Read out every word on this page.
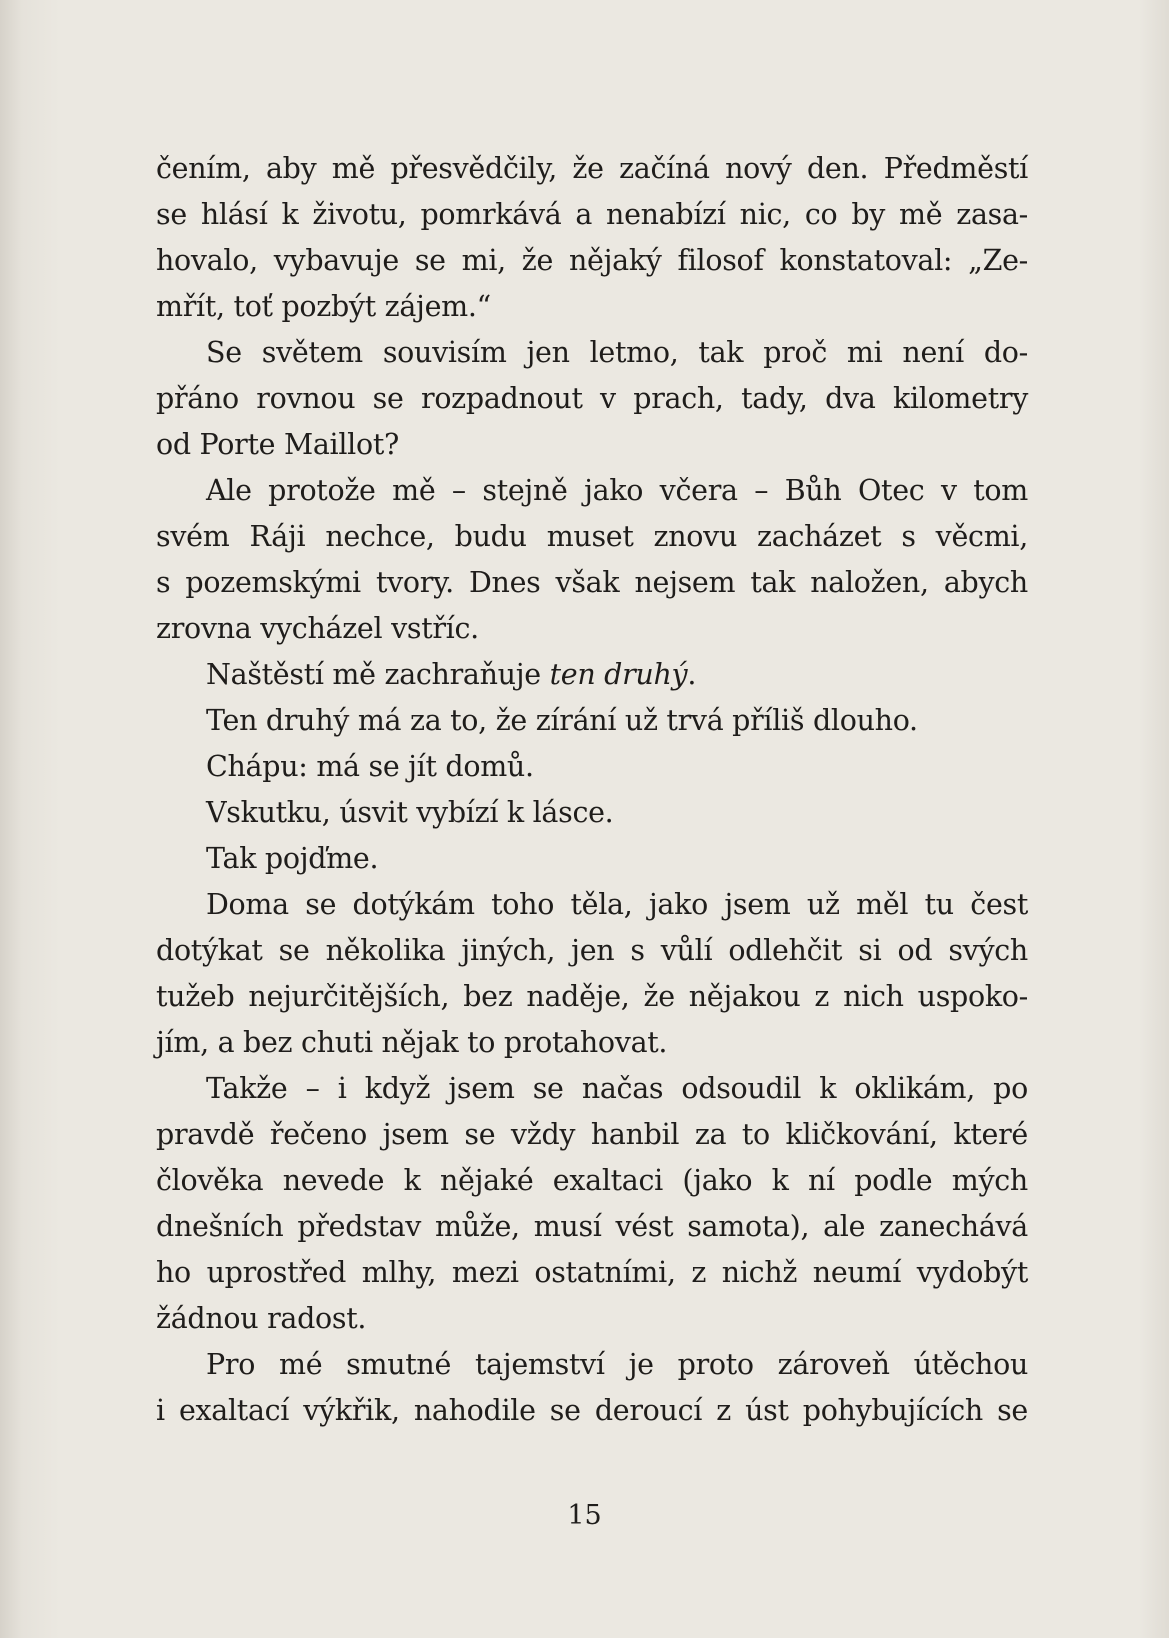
čením, aby mě přesvědčily, že začíná nový den. Předměstí
se hlásí k životu, pomrkává a nenabízí nic, co by mě zasa-
hovalo, vybavuje se mi, že nějaký filosof konstatoval: „Ze-
mřít, toť pozbýt zájem.“
Se světem souvisím jen letmo, tak proč mi není do-
přáno rovnou se rozpadnout v prach, tady, dva kilometry
od Porte Maillot?
Ale protože mě – stejně jako včera – Bůh Otec v tom
svém Ráji nechce, budu muset znovu zacházet s věcmi,
s pozemskými tvory. Dnes však nejsem tak naložen, abych
zrovna vycházel vstříc.
Naštěstí mě zachraňuje ten druhý.
Ten druhý má za to, že zírání už trvá příliš dlouho.
Chápu: má se jít domů.
Vskutku, úsvit vybízí k lásce.
Tak pojďme.
Doma se dotýkám toho těla, jako jsem už měl tu čest
dotýkat se několika jiných, jen s vůlí odlehčit si od svých
tužeb nejurčitějších, bez naděje, že nějakou z nich uspoko-
jím, a bez chuti nějak to protahovat.
Takže – i když jsem se načas odsoudil k oklikám, po
pravdě řečeno jsem se vždy hanbil za to kličkování, které
člověka nevede k nějaké exaltaci (jako k ní podle mých
dnešních představ může, musí vést samota), ale zanechává
ho uprostřed mlhy, mezi ostatními, z nichž neumí vydobýt
žádnou radost.
Pro mé smutné tajemství je proto zároveň útěchou
i exaltací výkřik, nahodile se deroucí z úst pohybujících se
15
